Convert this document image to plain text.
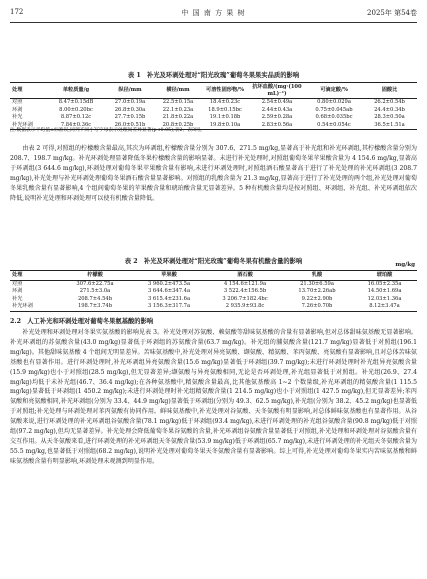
172	中 国 南 方 果 树	2025年 第54卷
表 1　补光及环剥处理对“阳光玫瑰”葡萄冬果果实品质的影响
处理	单粒质量/g	纵径/mm	横径/mm	可溶性固形物/%	抗坏血酸/(mg·(100 mL)⁻¹)	可滴定酸/%	固酸比
对照	8.47±0.15dB	27.0±0.19a	22.5±0.15a	18.4±0.23c	2.54±0.49a	0.80±0.029a	26.2±0.54b
环剥	8.00±0.20bc	26.8±0.30a	22.1±0.23a	18.9±0.15bc	2.44±0.43a	0.75±0.045ab	24.4±0.34b
补光	8.87±0.12c	27.7±0.15b	21.8±0.22a	19.1±0.18b	2.59±0.28a	0.68±0.035bc	28.3±0.50a
补光环剥	7.84±0.36c	26.0±0.51b	20.8±0.25b	19.8±0.10a	2.83±0.56a	0.54±0.054c	36.5±1.51a
注:数据表示平均值±标准误;同列不同小写字母表示处理间差异显著(p<0.05),表2、表3同。

由表 2 可得,对照组的柠檬酸含量最高,其次为环剥组,柠檬酸含量分别为 307.6、271.5 mg/kg,显著高于补光组和补光环剥组,其柠檬酸含量分别为 208.7、198.7 mg/kg。补光环剥处理显著降低冬果柠檬酸含量的影响显著。未进行补光处理时,对照组葡萄冬果苹果酸含量为 4 154.6 mg/kg,显著高于环剥组(3 644.6 mg/kg),环剥处理对葡萄冬果苹果酸含量有影响,未进行环剥处理时,对照组酒石酸显著高于进行了补光处理的补光环剥组(3 208.7 mg/kg),补光处理与补光环剥处理葡萄冬果酒石酸含量显著影响。对照组的乳酸含量为 21.3 mg/kg,显著高于进行了补光处理的两个组,补光处理对葡萄冬果乳酸含量有显著影响,4 个组间葡萄冬果的苹果酸含量和琥珀酸含量无显著差异。5 种有机酸含量均是按对照组、环剥组、补光组、补光环剥组依次降低,说明补光处理和环剥处理可以使有机酸含量降低。

表 2　补光及环剥处理对“阳光玫瑰”葡萄冬果有机酸含量的影响	mg/kg
处理	柠檬酸	苹果酸	酒石酸	乳酸	琥珀酸
对照	307.6±22.75a	3 960.2±473.5a	4 154.6±121.9a	21.30±6.59a	16.05±2.35a
环剥	271.5±3.0a	3 644.6±347.4a	3 522.4±156.5b	13.70±2.26ab	14.50±1.69a
补光	208.7±4.54b	3 615.4±231.6a	3 206.7±182.4bc	9.22±2.90b	12.03±1.36a
补光环剥	198.7±3.74b	3 156.3±317.7a	2 935.9±93.8c	7.26±0.70b	8.12±3.47a
2.2　人工补光和环剥处理对葡萄冬果氨基酸的影响

补光处理和环剥处理对冬果实氨基酸的影响见表 3。补光处理对苏氨酸、赖氨酸等甜味氨基酸的含量有显著影响,但对总体甜味氨基酸无显著影响。补光环剥组的苏氨酸含量(43.0 mg/kg)显著低于环剥组的苏氨酸含量(63.7 mg/kg)。补光组的脯氨酸含量(121.7 mg/kg)显著低于对照组(196.1 mg/kg)。其他甜味氨基酸 4 个组间无明显差异。苦味氨基酸中,补光处理对异亮氨酸、缬氨酸、精氨酸、苯丙氨酸、亮氨酸有显著影响,且对总体苦味氨基酸也有显著作用。进行环剥处理时,补光环剥组异亮氨酸含量(15.6 mg/kg)显著低于环剥组(39.7 mg/kg);未进行环剥处理时补光组异亮氨酸含量(15.9 mg/kg)也小于对照组(28.5 mg/kg),但无显著差异;缬氨酸与异亮氨酸相同,无论是否环剥处理,补光组显著低于对照组。补光组(26.9、27.4 mg/kg)均低于未补光组(46.7、36.4 mg/kg);在各种氨基酸中,精氨酸含量最高,比其他氨基酸高 1~2 个数量级,补光环剥组的精氨酸含量(1 115.5 mg/kg)显著低于环剥组(1 450.2 mg/kg);未进行环剥处理时补光组精氨酸含量(1 214.5 mg/kg)也小于对照组(1 427.5 mg/kg),但无显著差异;苯丙氨酸和亮氨酸相同,补光环剥组(分别为 33.4、44.9 mg/kg)显著低于环剥组(分别为 49.3、62.5 mg/kg),补光组(分别为 38.2、45.2 mg/kg)也显著低于对照组;补光处理与环剥处理对苯丙氨酸有协同作用。鲜味氨基酸中,补光处理对谷氨酸、天冬氨酸有明显影响,对总体鲜味氨基酸也有显著作用。从谷氨酸来说,进行环剥处理的补光环剥组谷氨酸含量(78.1 mg/kg)低于环剥组(93.4 mg/kg),未进行环剥处理的补光组谷氨酸含量(90.8 mg/kg)低于对照组(97.2 mg/kg),但均无显著差异。补光处理会降低葡萄冬果谷氨酸的含量,补光环剥组谷氨酸含量显著低于对照组,补光处理和环剥处理对谷氨酸含量有交互作用。从天冬氨酸来看,进行环剥处理的补光环剥组天冬氨酸含量(53.9 mg/kg)低于环剥组(65.7 mg/kg),未进行环剥处理的补光组天冬氨酸含量为 55.5 mg/kg,也显著低于对照组(68.2 mg/kg),说明补光处理对葡萄冬果天冬氨酸含量有显著影响。综上可得,补光处理对葡萄冬果实内苦味氨基酸和鲜味氨基酸含量有明显影响,环剥处理未观测到明显作用。
